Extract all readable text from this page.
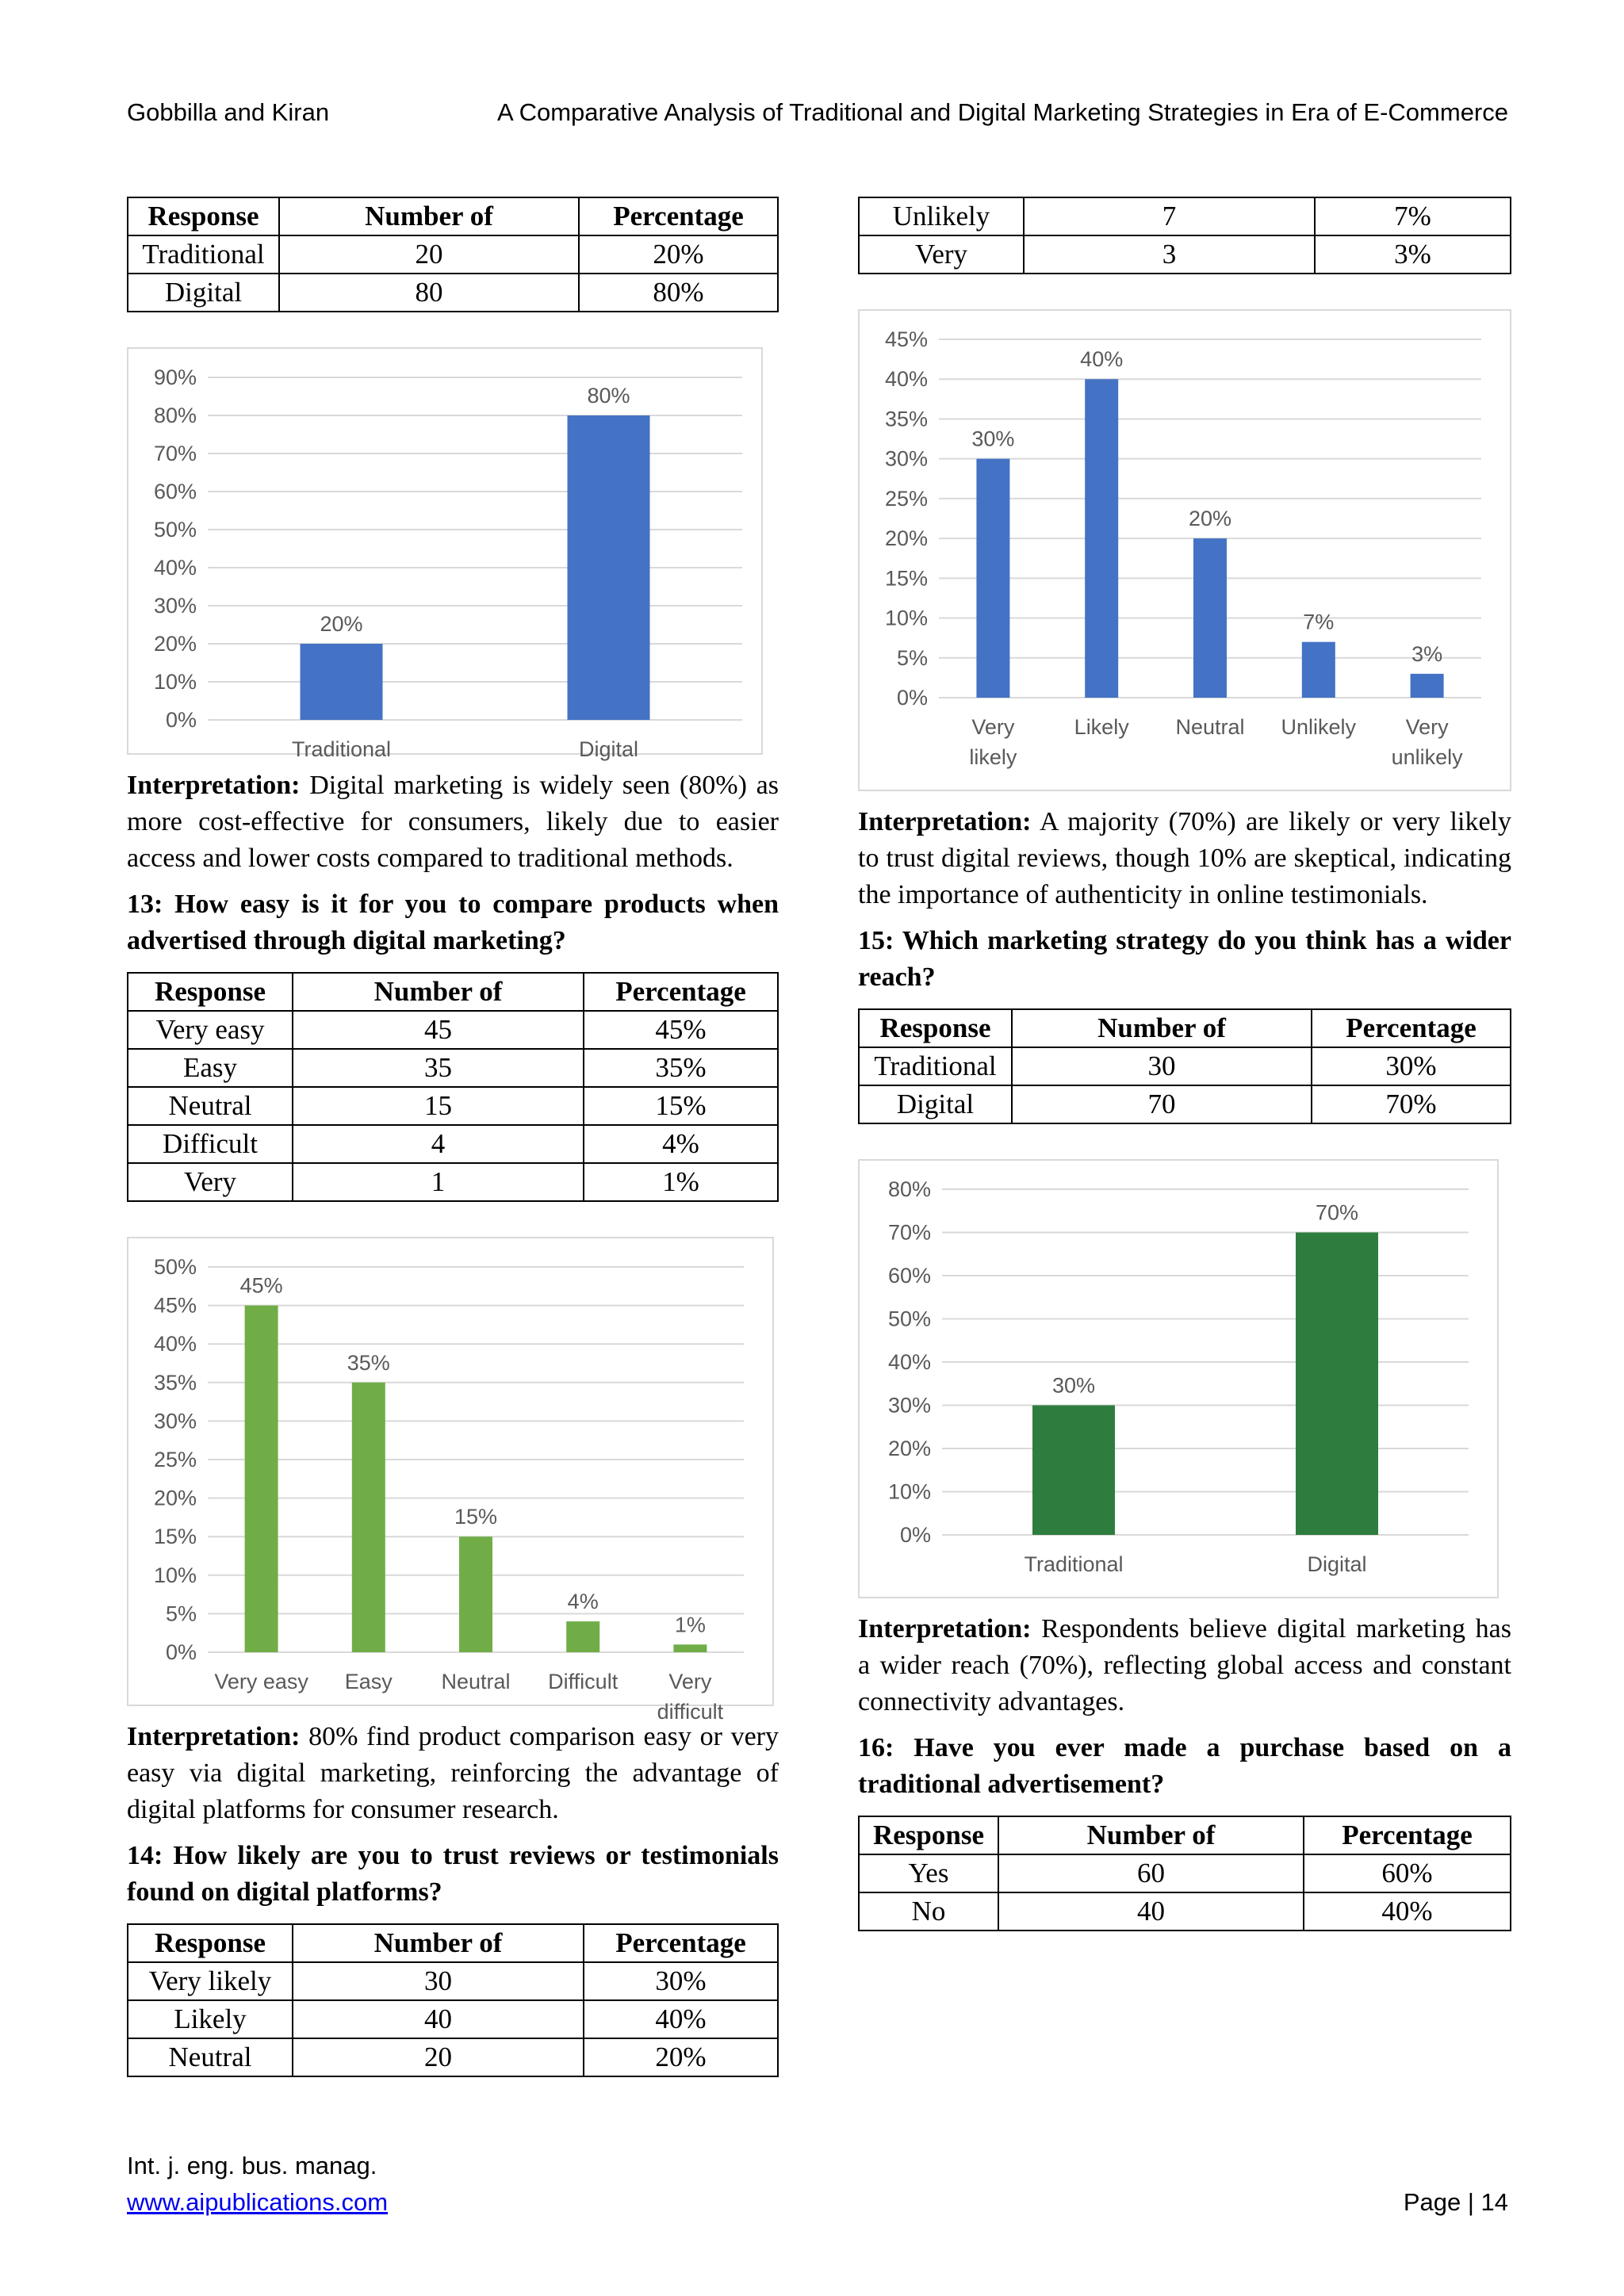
Gobbilla and Kiran	A Comparative Analysis of Traditional and Digital Marketing Strategies in Era of E-Commerce
Response	Number of	Percentage
Traditional	20	20%
Digital	80	80%
0%
10%
20%
30%
40%
50%
60%
70%
80%
90%
20%
Traditional
80%
Digital

Interpretation: Digital marketing is widely seen (80%) as more cost-effective for consumers, likely due to easier access and lower costs compared to traditional methods.

13: How easy is it for you to compare products when advertised through digital marketing?

Response	Number of	Percentage
Very easy	45	45%
Easy	35	35%
Neutral	15	15%
Difficult	4	4%
Very	1	1%
0%
5%
10%
15%
20%
25%
30%
35%
40%
45%
50%
45%
Very easy
35%
Easy
15%
Neutral
4%
Difficult
1%
Very
difficult

Interpretation: 80% find product comparison easy or very easy via digital marketing, reinforcing the advantage of digital platforms for consumer research.

14: How likely are you to trust reviews or testimonials found on digital platforms?

Response	Number of	Percentage
Very likely	30	30%
Likely	40	40%
Neutral	20	20%
Unlikely	7	7%
Very	3	3%
0%
5%
10%
15%
20%
25%
30%
35%
40%
45%
30%
Very
likely
40%
Likely
20%
Neutral
7%
Unlikely
3%
Very
unlikely

Interpretation: A majority (70%) are likely or very likely to trust digital reviews, though 10% are skeptical, indicating the importance of authenticity in online testimonials.

15: Which marketing strategy do you think has a wider reach?

Response	Number of	Percentage
Traditional	30	30%
Digital	70	70%
0%
10%
20%
30%
40%
50%
60%
70%
80%
30%
Traditional
70%
Digital

Interpretation: Respondents believe digital marketing has a wider reach (70%), reflecting global access and constant connectivity advantages.

16: Have you ever made a purchase based on a traditional advertisement?

Response	Number of	Percentage
Yes	60	60%
No	40	40%
Int. j. eng. bus. manag.
www.aipublications.com	Page | 14
